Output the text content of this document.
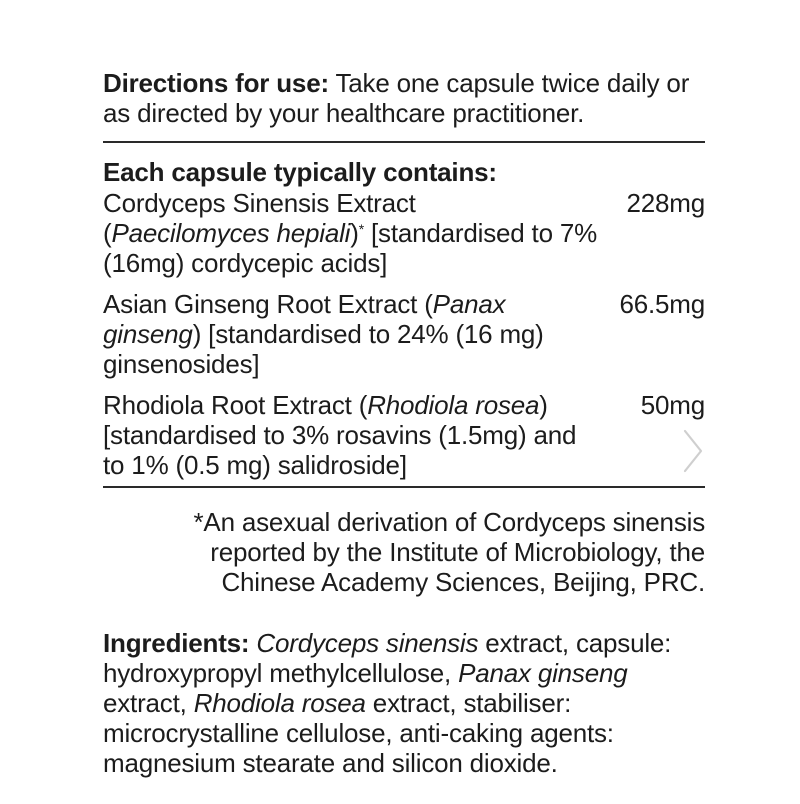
Directions for use: Take one capsule twice daily or as directed by your healthcare practitioner.

Each capsule typically contains:
Cordyceps Sinensis Extract
(Paecilomyces hepiali)* [standardised to 7% (16mg) cordycepic acids]
228mg
Asian Ginseng Root Extract (Panax ginseng) [standardised to 24% (16 mg) ginsenosides]
66.5mg
Rhodiola Root Extract (Rhodiola rosea) [standardised to 3% rosavins (1.5mg) and to 1% (0.5 mg) salidroside]
50mg

*An asexual derivation of Cordyceps sinensis reported by the Institute of Microbiology, the Chinese Academy Sciences, Beijing, PRC.

Ingredients: Cordyceps sinensis extract, capsule: hydroxypropyl methylcellulose, Panax ginseng extract, Rhodiola rosea extract, stabiliser: microcrystalline cellulose, anti-caking agents: magnesium stearate and silicon dioxide.
